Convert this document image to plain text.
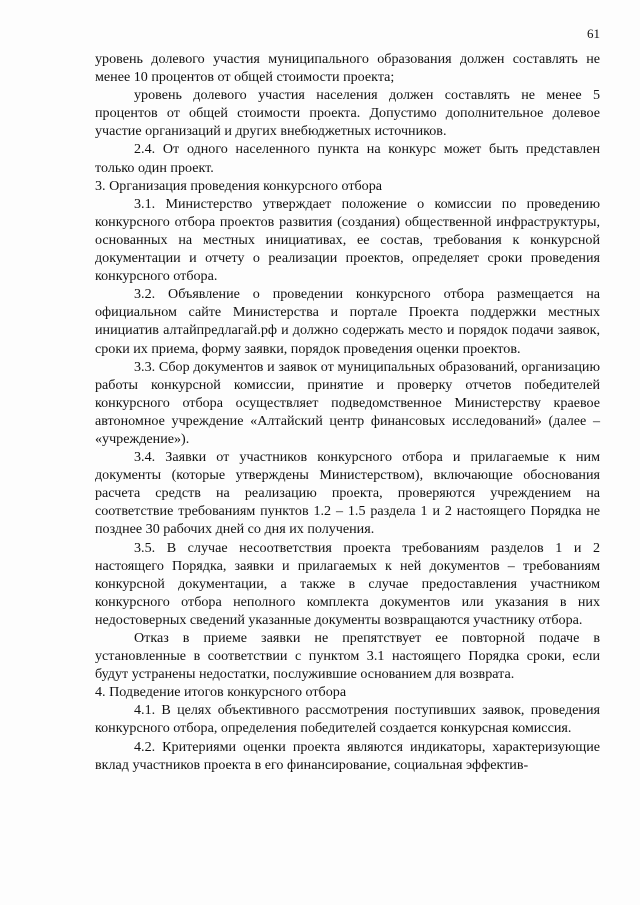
61

уровень долевого участия муниципального образования должен составлять не менее 10 процентов от общей стоимости проекта;

уровень долевого участия населения должен составлять не менее 5 процентов от общей стоимости проекта. Допустимо дополнительное долевое участие организаций и других внебюджетных источников.

2.4. От одного населенного пункта на конкурс может быть представлен только один проект.

3. Организация проведения конкурсного отбора

3.1. Министерство утверждает положение о комиссии по проведению конкурсного отбора проектов развития (создания) общественной инфраструктуры, основанных на местных инициативах, ее состав, требования к конкурсной документации и отчету о реализации проектов, определяет сроки проведения конкурсного отбора.

3.2. Объявление о проведении конкурсного отбора размещается на официальном сайте Министерства и портале Проекта поддержки местных инициатив алтайпредлагай.рф и должно содержать место и порядок подачи заявок, сроки их приема, форму заявки, порядок проведения оценки проектов.

3.3. Сбор документов и заявок от муниципальных образований, организацию работы конкурсной комиссии, принятие и проверку отчетов победителей конкурсного отбора осуществляет подведомственное Министерству краевое автономное учреждение «Алтайский центр финансовых исследований» (далее – «учреждение»).

3.4. Заявки от участников конкурсного отбора и прилагаемые к ним документы (которые утверждены Министерством), включающие обоснования расчета средств на реализацию проекта, проверяются учреждением на соответствие требованиям пунктов 1.2 – 1.5 раздела 1 и 2 настоящего Порядка не позднее 30 рабочих дней со дня их получения.

3.5. В случае несоответствия проекта требованиям разделов 1 и 2 настоящего Порядка, заявки и прилагаемых к ней документов – требованиям конкурсной документации, а также в случае предоставления участником конкурсного отбора неполного комплекта документов или указания в них недостоверных сведений указанные документы возвращаются участнику отбора.

Отказ в приеме заявки не препятствует ее повторной подаче в установленные в соответствии с пунктом 3.1 настоящего Порядка сроки, если будут устранены недостатки, послужившие основанием для возврата.

4. Подведение итогов конкурсного отбора

4.1. В целях объективного рассмотрения поступивших заявок, проведения конкурсного отбора, определения победителей создается конкурсная комиссия.

4.2. Критериями оценки проекта являются индикаторы, характеризующие вклад участников проекта в его финансирование, социальная эффектив-
